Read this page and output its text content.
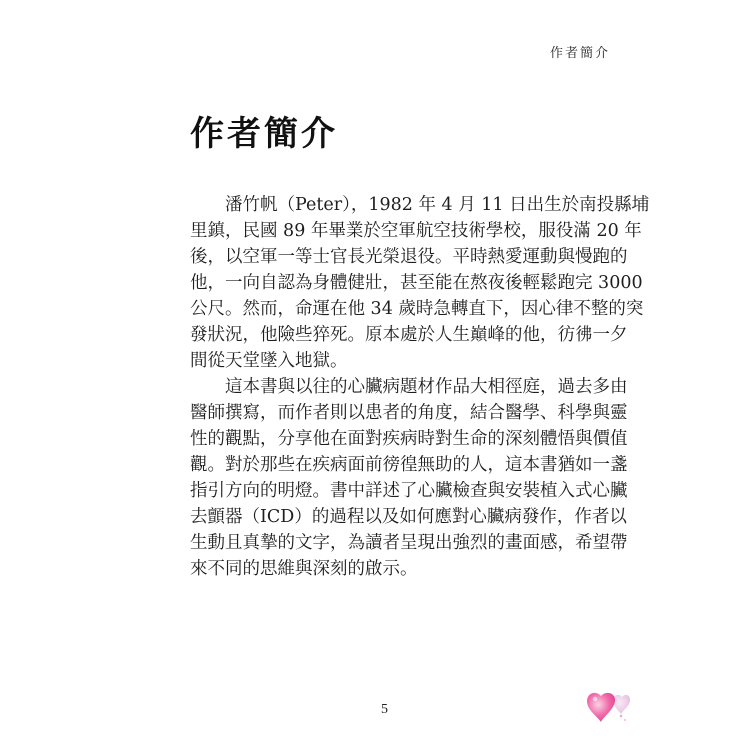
作者簡介
作者簡介
　　潘竹帆（Peter），1982 年 4 月 11 日出生於南投縣埔
里鎮，民國 89 年畢業於空軍航空技術學校，服役滿 20 年
後，以空軍一等士官長光榮退役。平時熱愛運動與慢跑的
他，一向自認為身體健壯，甚至能在熬夜後輕鬆跑完 3000
公尺。然而，命運在他 34 歲時急轉直下，因心律不整的突
發狀況，他險些猝死。原本處於人生巔峰的他，彷彿一夕
間從天堂墜入地獄。
　　這本書與以往的心臟病題材作品大相徑庭，過去多由
醫師撰寫，而作者則以患者的角度，結合醫學、科學與靈
性的觀點，分享他在面對疾病時對生命的深刻體悟與價值
觀。對於那些在疾病面前徬徨無助的人，這本書猶如一盞
指引方向的明燈。書中詳述了心臟檢查與安裝植入式心臟
去顫器（ICD）的過程以及如何應對心臟病發作，作者以
生動且真摯的文字，為讀者呈現出強烈的畫面感，希望帶
來不同的思維與深刻的啟示。
5
